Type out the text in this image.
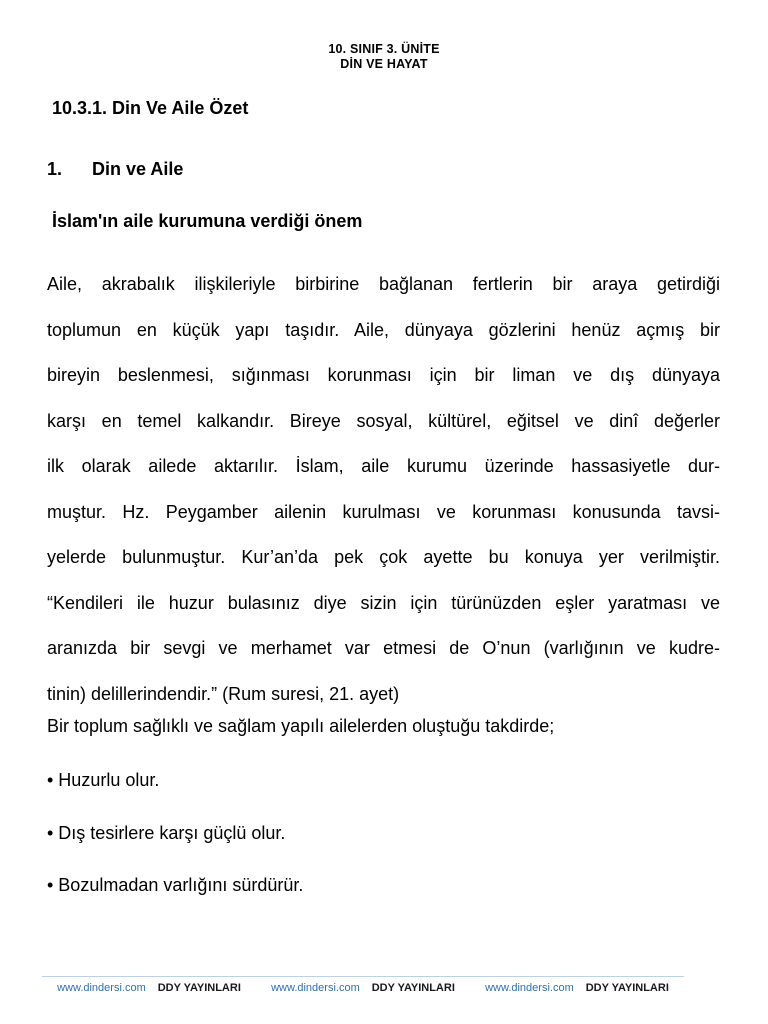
10. SINIF 3. ÜNİTE
DİN VE HAYAT
10.3.1. Din Ve Aile Özet
1. Din ve Aile
İslam'ın aile kurumuna verdiği önem

Aile, akrabalık ilişkileriyle birbirine bağlanan fertlerin bir araya getirdiği
toplumun en küçük yapı taşıdır. Aile, dünyaya gözlerini henüz açmış bir
bireyin beslenmesi, sığınması korunması için bir liman ve dış dünyaya
karşı en temel kalkandır. Bireye sosyal, kültürel, eğitsel ve dinî değerler
ilk olarak ailede aktarılır. İslam, aile kurumu üzerinde hassasiyetle dur-
muştur. Hz. Peygamber ailenin kurulması ve korunması konusunda tavsi-
yelerde bulunmuştur. Kur’an’da pek çok ayette bu konuya yer verilmiştir.
“Kendileri ile huzur bulasınız diye sizin için türünüzden eşler yaratması ve
aranızda bir sevgi ve merhamet var etmesi de O’nun (varlığının ve kudre-
tinin) delillerindendir.” (Rum suresi, 21. ayet)

Bir toplum sağlıklı ve sağlam yapılı ailelerden oluştuğu takdirde;

• Huzurlu olur.
• Dış tesirlere karşı güçlü olur.
• Bozulmadan varlığını sürdürür.
www.dindersi.com DDY YAYINLARI	www.dindersi.com DDY YAYINLARI	www.dindersi.com DDY YAYINLARI
